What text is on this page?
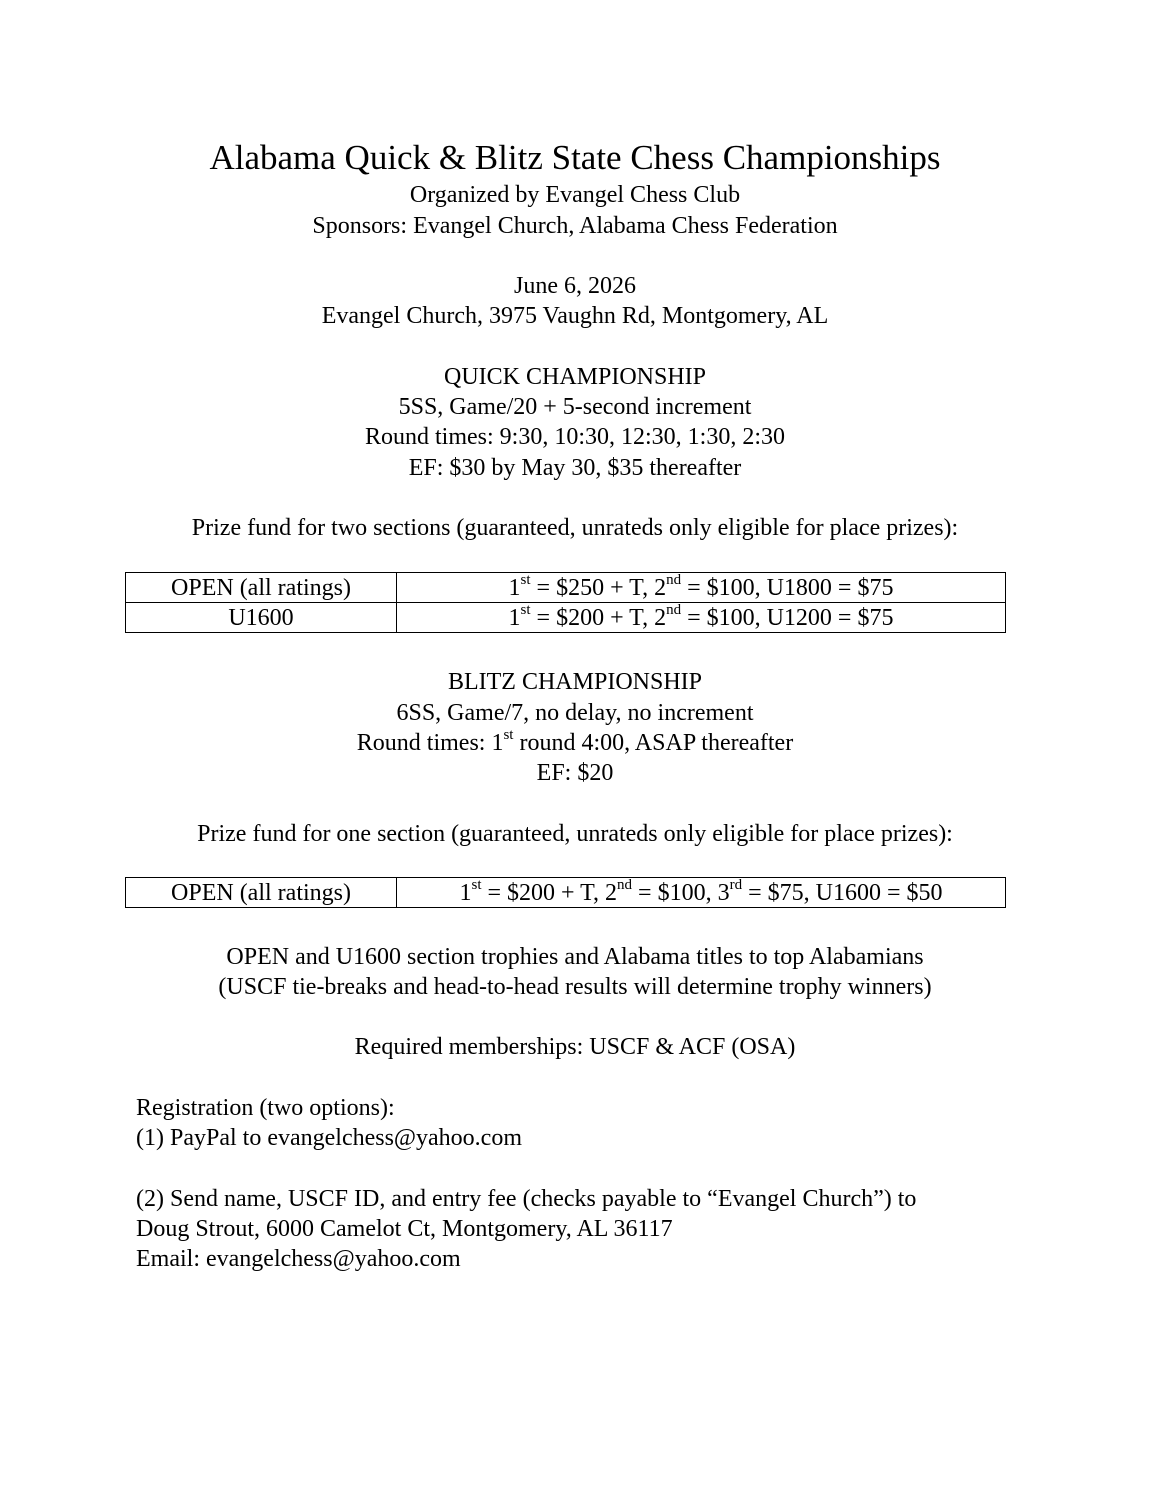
Alabama Quick & Blitz State Chess Championships
Organized by Evangel Chess Club
Sponsors: Evangel Church, Alabama Chess Federation
June 6, 2026
Evangel Church, 3975 Vaughn Rd, Montgomery, AL
QUICK CHAMPIONSHIP
5SS, Game/20 + 5-second increment
Round times: 9:30, 10:30, 12:30, 1:30, 2:30
EF: $30 by May 30, $35 thereafter
Prize fund for two sections (guaranteed, unrateds only eligible for place prizes):
OPEN (all ratings)	1st = $250 + T, 2nd = $100, U1800 = $75
U1600	1st = $200 + T, 2nd = $100, U1200 = $75
BLITZ CHAMPIONSHIP
6SS, Game/7, no delay, no increment
Round times: 1st round 4:00, ASAP thereafter
EF: $20
Prize fund for one section (guaranteed, unrateds only eligible for place prizes):
OPEN (all ratings)	1st = $200 + T, 2nd = $100, 3rd = $75, U1600 = $50
OPEN and U1600 section trophies and Alabama titles to top Alabamians
(USCF tie-breaks and head-to-head results will determine trophy winners)
Required memberships: USCF & ACF (OSA)
Registration (two options):
(1) PayPal to evangelchess@yahoo.com
(2) Send name, USCF ID, and entry fee (checks payable to “Evangel Church”) to
Doug Strout, 6000 Camelot Ct, Montgomery, AL 36117
Email: evangelchess@yahoo.com
